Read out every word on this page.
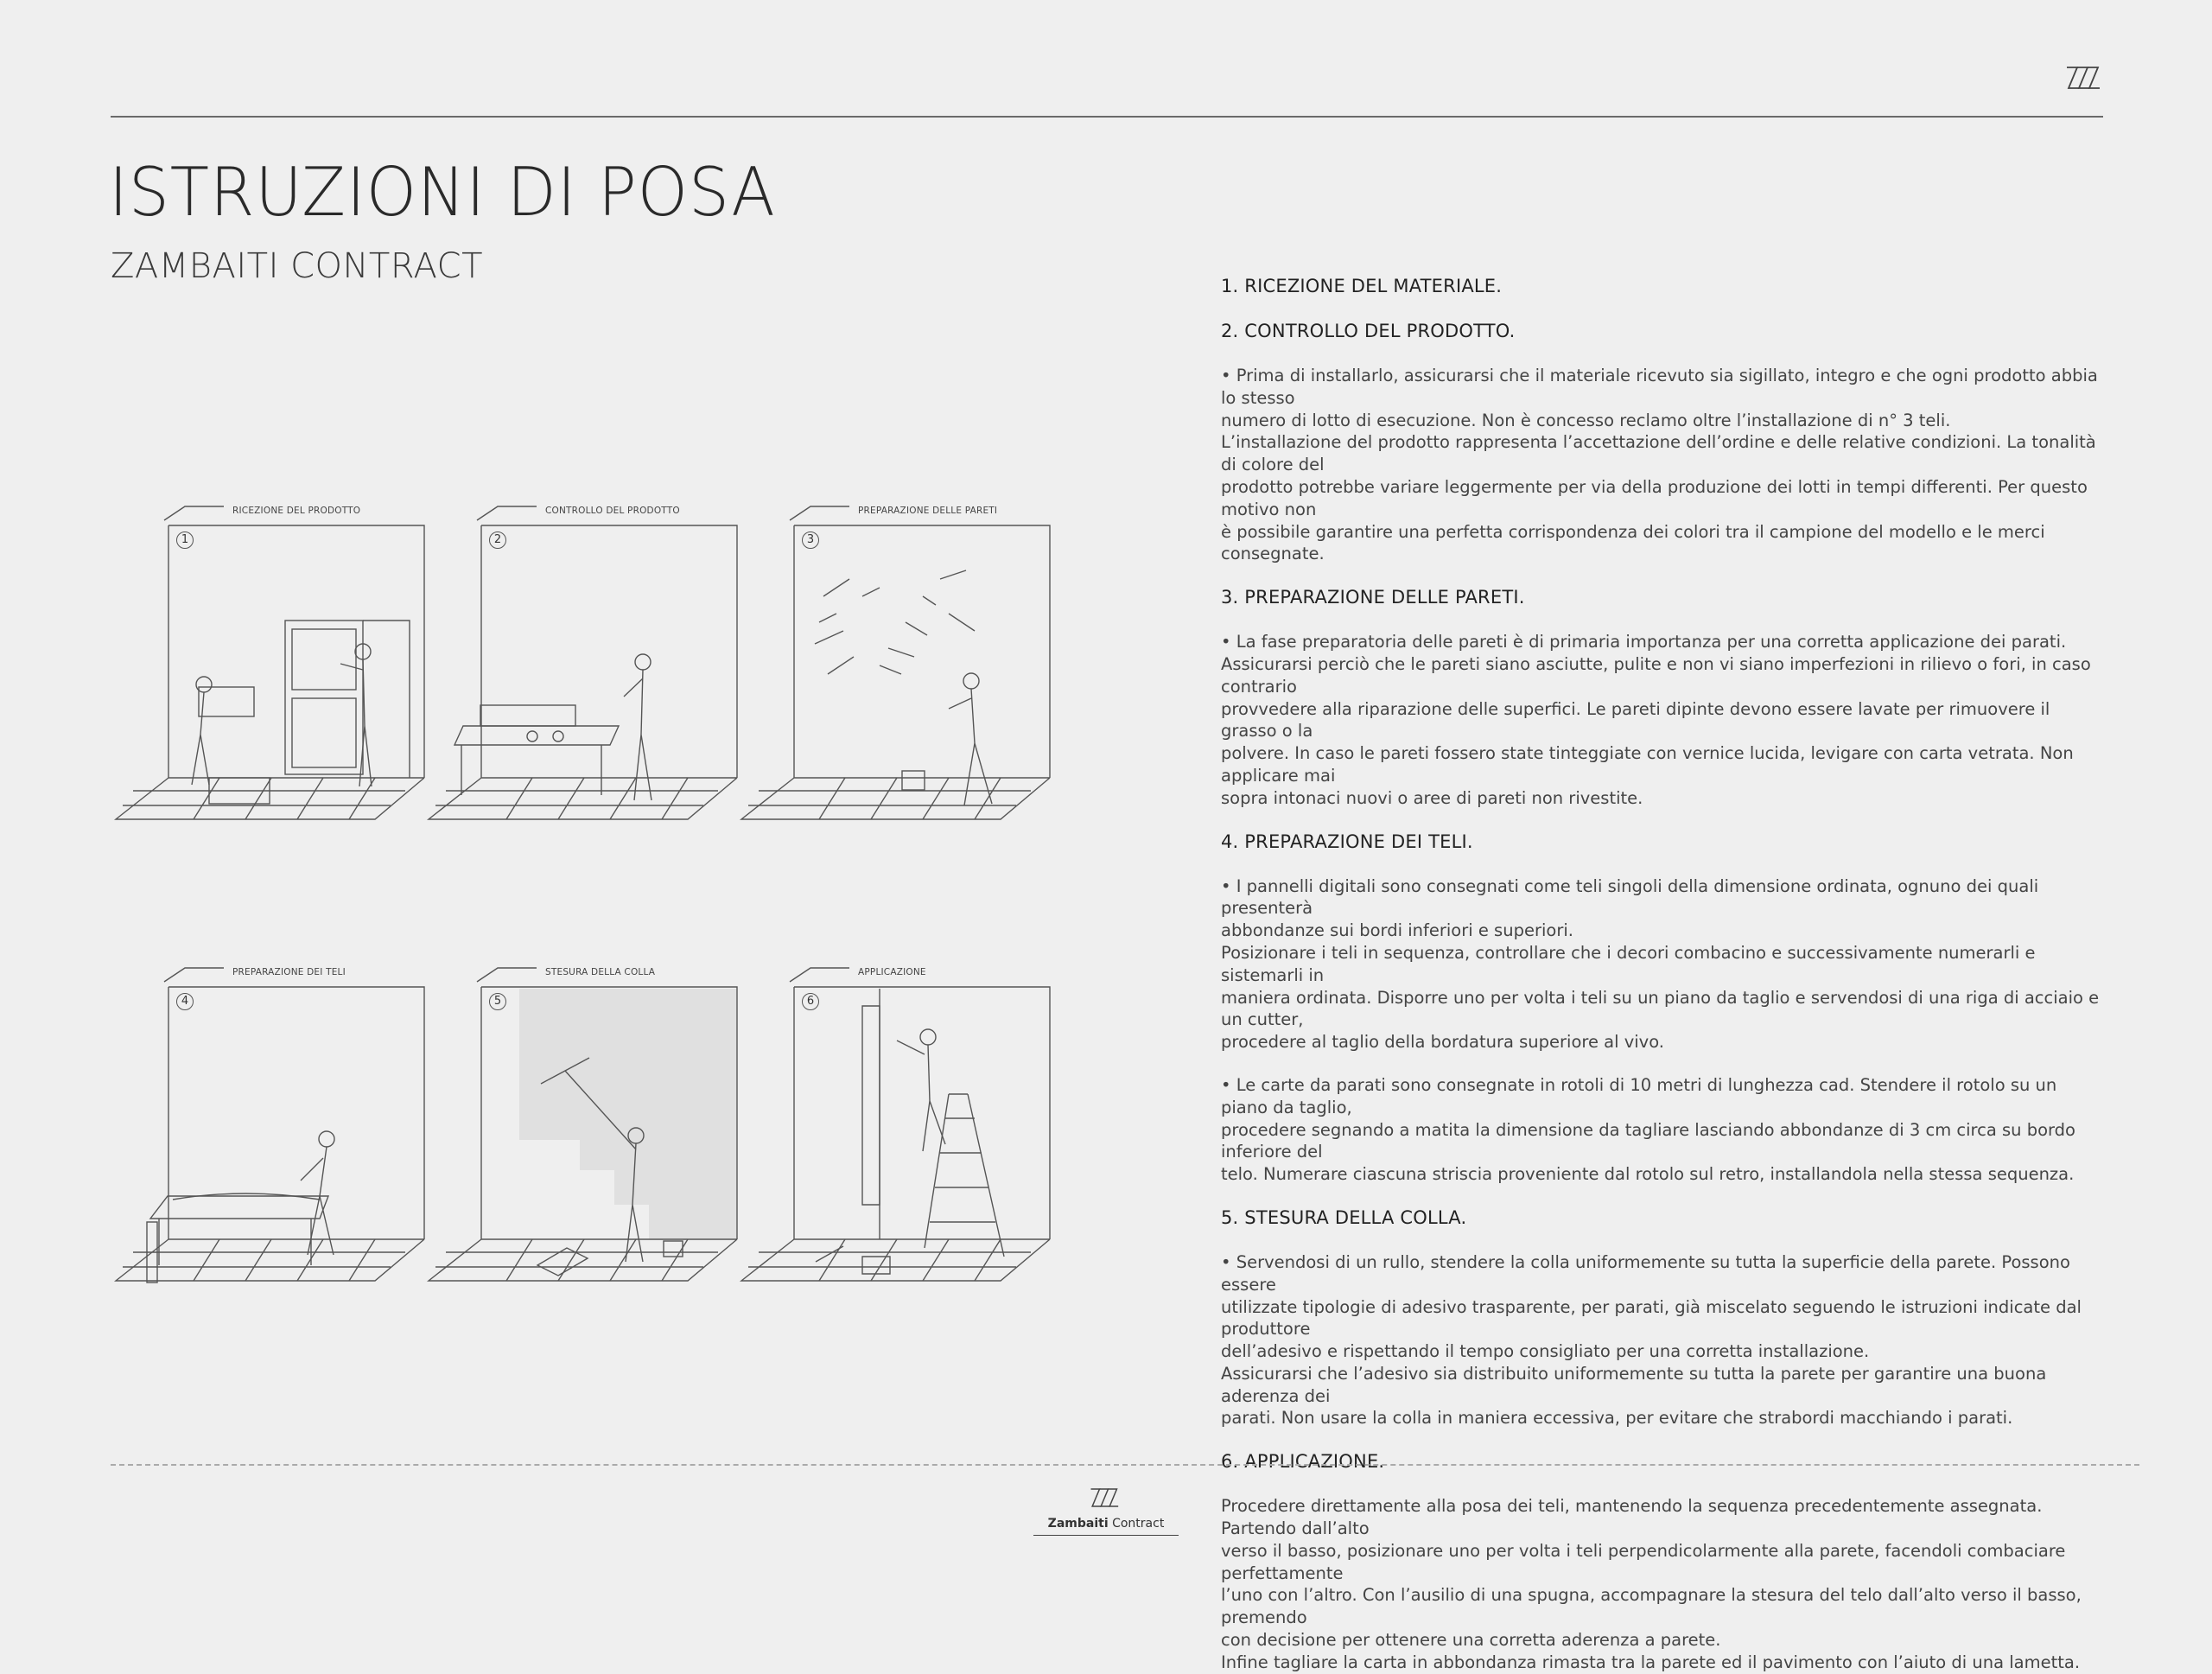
ISTRUZIONI DI POSA
ZAMBAITI CONTRACT
RICEZIONE DEL PRODOTTO
1
CONTROLLO DEL PRODOTTO
2
PREPARAZIONE DELLE PARETI
3
PREPARAZIONE DEI TELI
4
STESURA DELLA COLLA
5
APPLICAZIONE
6
1. RICEZIONE DEL MATERIALE.
2. CONTROLLO DEL PRODOTTO.

• Prima di installarlo, assicurarsi che il materiale ricevuto sia sigillato, integro e che ogni prodotto abbia lo stesso
numero di lotto di esecuzione. Non è concesso reclamo oltre l’installazione di n° 3 teli.
L’installazione del prodotto rappresenta l’accettazione dell’ordine e delle relative condizioni. La tonalità di colore del
prodotto potrebbe variare leggermente per via della produzione dei lotti in tempi differenti. Per questo motivo non
è possibile garantire una perfetta corrispondenza dei colori tra il campione del modello e le merci consegnate.

3. PREPARAZIONE DELLE PARETI.

• La fase preparatoria delle pareti è di primaria importanza per una corretta applicazione dei parati.
Assicurarsi perciò che le pareti siano asciutte, pulite e non vi siano imperfezioni in rilievo o fori, in caso contrario
provvedere alla riparazione delle superfici. Le pareti dipinte devono essere lavate per rimuovere il grasso o la
polvere. In caso le pareti fossero state tinteggiate con vernice lucida, levigare con carta vetrata. Non applicare mai
sopra intonaci nuovi o aree di pareti non rivestite.

4. PREPARAZIONE DEI TELI.

• I pannelli digitali sono consegnati come teli singoli della dimensione ordinata, ognuno dei quali presenterà
abbondanze sui bordi inferiori e superiori.
Posizionare i teli in sequenza, controllare che i decori combacino e successivamente numerarli e sistemarli in
maniera ordinata. Disporre uno per volta i teli su un piano da taglio e servendosi di una riga di acciaio e un cutter,
procedere al taglio della bordatura superiore al vivo.

• Le carte da parati sono consegnate in rotoli di 10 metri di lunghezza cad. Stendere il rotolo su un piano da taglio,
procedere segnando a matita la dimensione da tagliare lasciando abbondanze di 3 cm circa su bordo inferiore del
telo. Numerare ciascuna striscia proveniente dal rotolo sul retro, installandola nella stessa sequenza.

5. STESURA DELLA COLLA.

• Servendosi di un rullo, stendere la colla uniformemente su tutta la superficie della parete. Possono essere
utilizzate tipologie di adesivo trasparente, per parati, già miscelato seguendo le istruzioni indicate dal produttore
dell’adesivo e rispettando il tempo consigliato per una corretta installazione.
Assicurarsi che l’adesivo sia distribuito uniformemente su tutta la parete per garantire una buona aderenza dei
parati. Non usare la colla in maniera eccessiva, per evitare che strabordi macchiando i parati.

6. APPLICAZIONE.

Procedere direttamente alla posa dei teli, mantenendo la sequenza precedentemente assegnata. Partendo dall’alto
verso il basso, posizionare uno per volta i teli perpendicolarmente alla parete, facendoli combaciare perfettamente
l’uno con l’altro. Con l’ausilio di una spugna, accompagnare la stesura del telo dall’alto verso il basso, premendo
con decisione per ottenere una corretta aderenza a parete.
Infine tagliare la carta in abbondanza rimasta tra la parete ed il pavimento con l’aiuto di una lametta.

Zambaiti Contract
